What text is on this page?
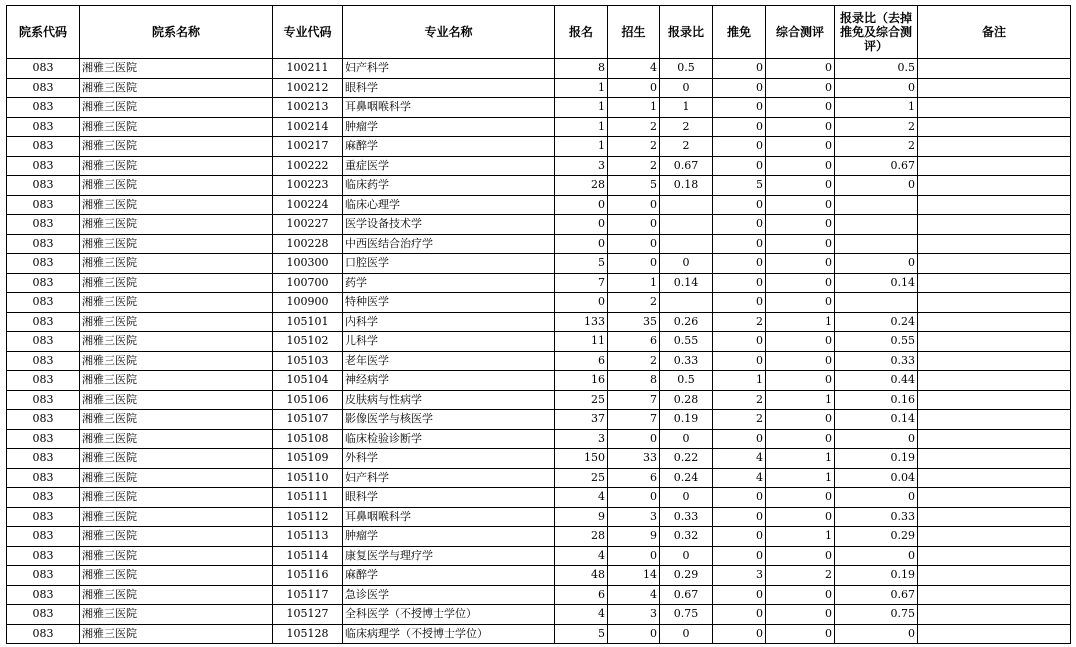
院系代码	院系名称	专业代码	专业名称	报名	招生	报录比	推免	综合测评	报录比（去掉推免及综合测评）	备注
083	湘雅三医院	100211	妇产科学	8	4	0.5	0	0	0.5	
083	湘雅三医院	100212	眼科学	1	0	0	0	0	0	
083	湘雅三医院	100213	耳鼻咽喉科学	1	1	1	0	0	1	
083	湘雅三医院	100214	肿瘤学	1	2	2	0	0	2	
083	湘雅三医院	100217	麻醉学	1	2	2	0	0	2	
083	湘雅三医院	100222	重症医学	3	2	0.67	0	0	0.67	
083	湘雅三医院	100223	临床药学	28	5	0.18	5	0	0	
083	湘雅三医院	100224	临床心理学	0	0		0	0		
083	湘雅三医院	100227	医学设备技术学	0	0		0	0		
083	湘雅三医院	100228	中西医结合治疗学	0	0		0	0		
083	湘雅三医院	100300	口腔医学	5	0	0	0	0	0	
083	湘雅三医院	100700	药学	7	1	0.14	0	0	0.14	
083	湘雅三医院	100900	特种医学	0	2		0	0		
083	湘雅三医院	105101	内科学	133	35	0.26	2	1	0.24	
083	湘雅三医院	105102	儿科学	11	6	0.55	0	0	0.55	
083	湘雅三医院	105103	老年医学	6	2	0.33	0	0	0.33	
083	湘雅三医院	105104	神经病学	16	8	0.5	1	0	0.44	
083	湘雅三医院	105106	皮肤病与性病学	25	7	0.28	2	1	0.16	
083	湘雅三医院	105107	影像医学与核医学	37	7	0.19	2	0	0.14	
083	湘雅三医院	105108	临床检验诊断学	3	0	0	0	0	0	
083	湘雅三医院	105109	外科学	150	33	0.22	4	1	0.19	
083	湘雅三医院	105110	妇产科学	25	6	0.24	4	1	0.04	
083	湘雅三医院	105111	眼科学	4	0	0	0	0	0	
083	湘雅三医院	105112	耳鼻咽喉科学	9	3	0.33	0	0	0.33	
083	湘雅三医院	105113	肿瘤学	28	9	0.32	0	1	0.29	
083	湘雅三医院	105114	康复医学与理疗学	4	0	0	0	0	0	
083	湘雅三医院	105116	麻醉学	48	14	0.29	3	2	0.19	
083	湘雅三医院	105117	急诊医学	6	4	0.67	0	0	0.67	
083	湘雅三医院	105127	全科医学（不授博士学位）	4	3	0.75	0	0	0.75	
083	湘雅三医院	105128	临床病理学（不授博士学位）	5	0	0	0	0	0	
